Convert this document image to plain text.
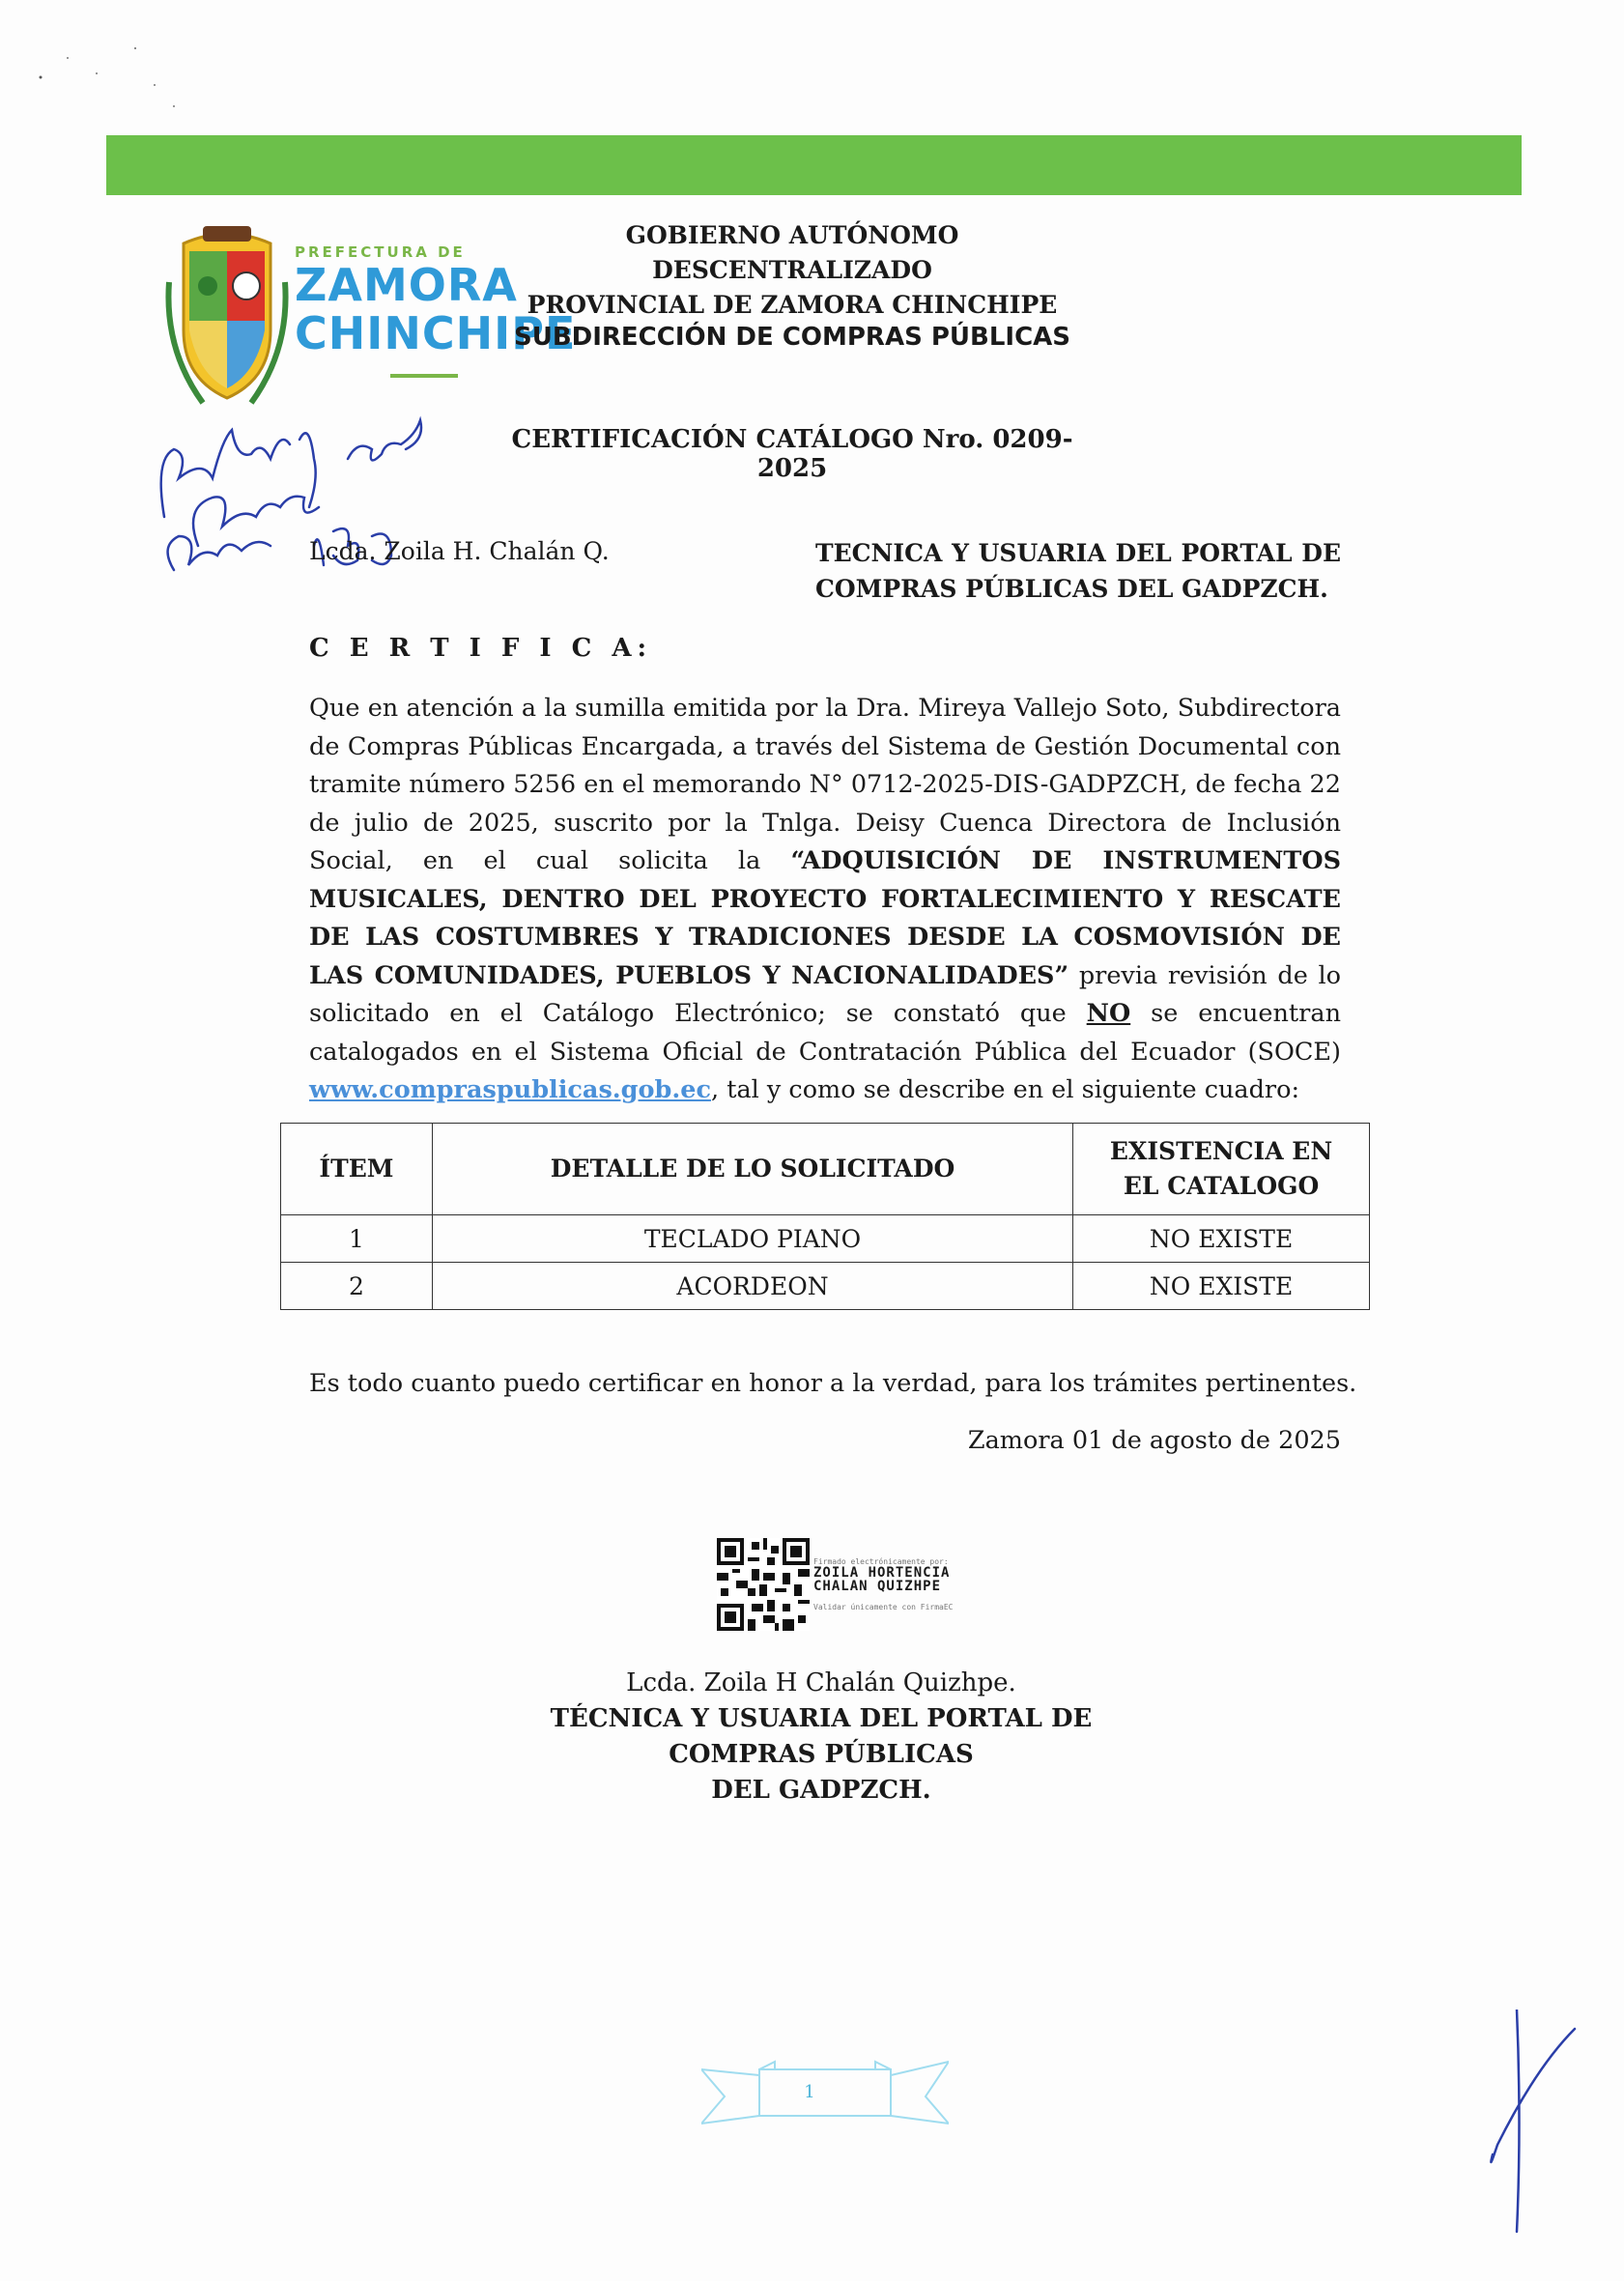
PREFECTURA DE
ZAMORA
CHINCHIPE
GOBIERNO AUTÓNOMO DESCENTRALIZADO
PROVINCIAL DE ZAMORA CHINCHIPE
SUBDIRECCIÓN DE COMPRAS PÚBLICAS
CERTIFICACIÓN CATÁLOGO Nro. 0209-2025
Lcda. Zoila H. Chalán Q.	TECNICA Y USUARIA DEL PORTAL DE
COMPRAS PÚBLICAS DEL GADPZCH.
C E R T I F I C A:
Que en atención a la sumilla emitida por la Dra. Mireya Vallejo Soto, Subdirectora de Compras Públicas Encargada, a través del Sistema de Gestión Documental con tramite número 5256 en el memorando N° 0712-2025-DIS-GADPZCH, de fecha 22 de julio de 2025, suscrito por la Tnlga. Deisy Cuenca Directora de Inclusión Social, en el cual solicita la “ADQUISICIÓN DE INSTRUMENTOS MUSICALES, DENTRO DEL PROYECTO FORTALECIMIENTO Y RESCATE DE LAS COSTUMBRES Y TRADICIONES DESDE LA COSMOVISIÓN DE LAS COMUNIDADES, PUEBLOS Y NACIONALIDADES” previa revisión de lo solicitado en el Catálogo Electrónico; se constató que NO se encuentran catalogados en el Sistema Oficial de Contratación Pública del Ecuador (SOCE) www.compraspublicas.gob.ec, tal y como se describe en el siguiente cuadro:
ÍTEM	DETALLE DE LO SOLICITADO	EXISTENCIA EN EL CATALOGO
1	TECLADO PIANO	NO EXISTE
2	ACORDEON	NO EXISTE
Es todo cuanto puedo certificar en honor a la verdad, para los trámites pertinentes.
Zamora 01 de agosto de 2025
Firmado electrónicamente por:
ZOILA HORTENCIA
CHALAN QUIZHPE
Validar únicamente con FirmaEC
Lcda. Zoila H Chalán Quizhpe.
TÉCNICA Y USUARIA DEL PORTAL DE
COMPRAS PÚBLICAS
DEL GADPZCH.
1
